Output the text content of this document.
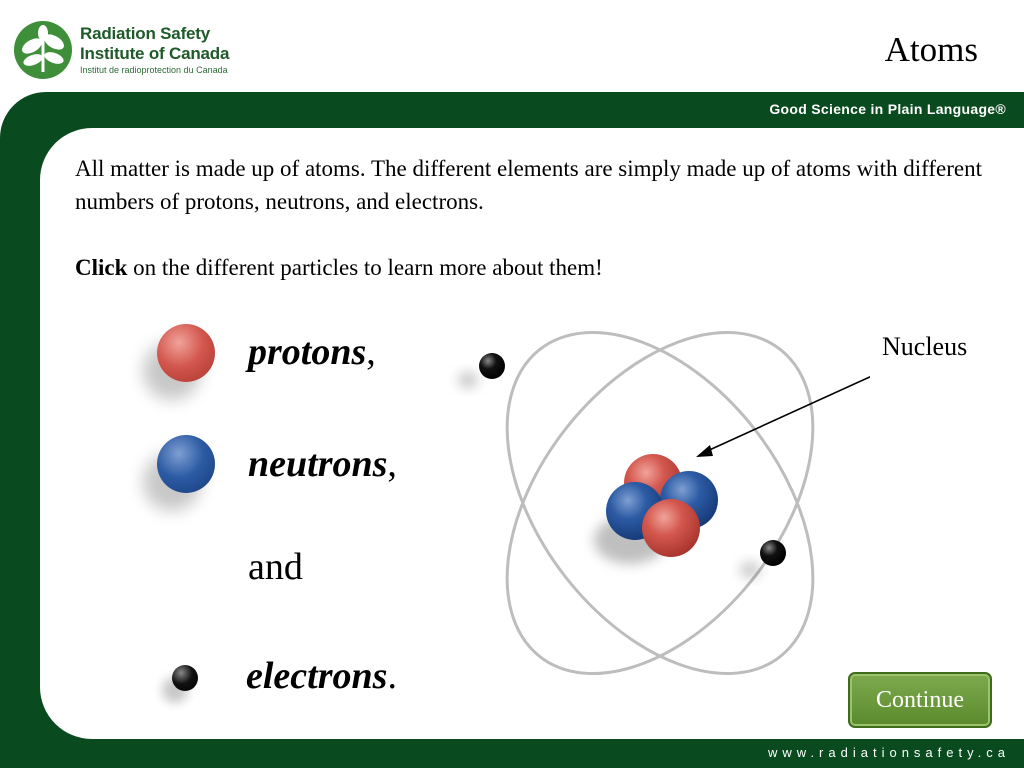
Radiation Safety
Institute of Canada
Institut de radioprotection du Canada
Atoms
Good Science in Plain Language®
www.radiationsafety.ca

All matter is made up of atoms. The different elements are simply made up of atoms with different numbers of protons, neutrons, and electrons.

Click on the different particles to learn more about them!

protons,
neutrons,
and
electrons.
Nucleus
Continue
